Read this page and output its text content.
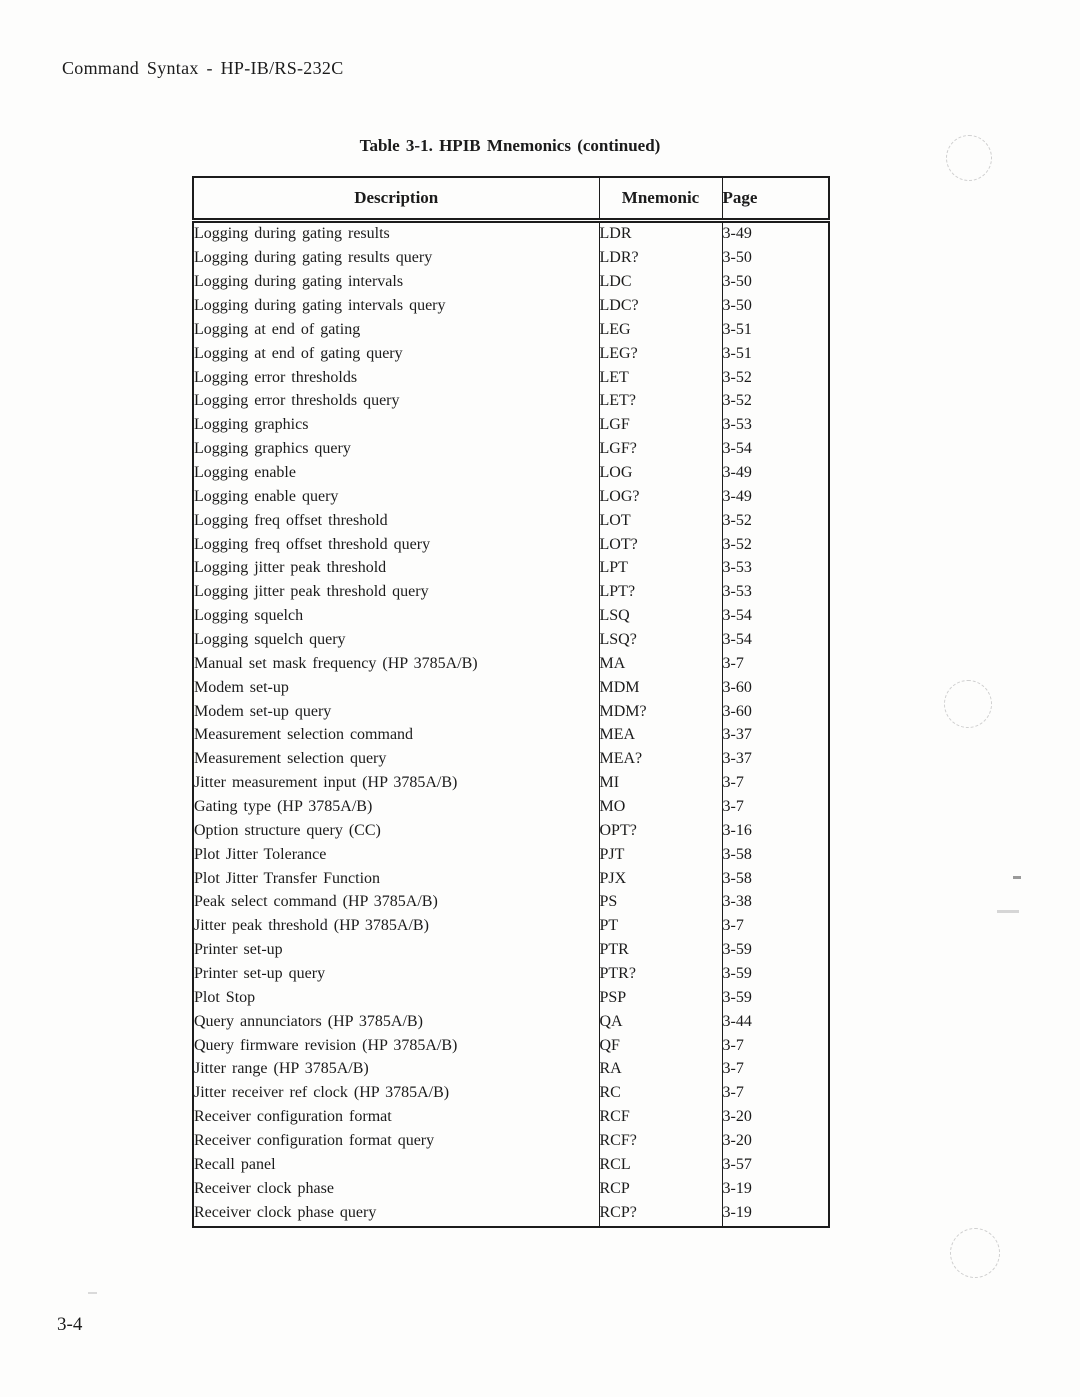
Command Syntax - HP-IB/RS-232C
Table 3-1. HPIB Mnemonics (continued)
Description	Mnemonic	Page
Logging during gating results	LDR	3-49
Logging during gating results query	LDR?	3-50
Logging during gating intervals	LDC	3-50
Logging during gating intervals query	LDC?	3-50
Logging at end of gating	LEG	3-51
Logging at end of gating query	LEG?	3-51
Logging error thresholds	LET	3-52
Logging error thresholds query	LET?	3-52
Logging graphics	LGF	3-53
Logging graphics query	LGF?	3-54
Logging enable	LOG	3-49
Logging enable query	LOG?	3-49
Logging freq offset threshold	LOT	3-52
Logging freq offset threshold query	LOT?	3-52
Logging jitter peak threshold	LPT	3-53
Logging jitter peak threshold query	LPT?	3-53
Logging squelch	LSQ	3-54
Logging squelch query	LSQ?	3-54
Manual set mask frequency (HP 3785A/B)	MA	3-7
Modem set-up	MDM	3-60
Modem set-up query	MDM?	3-60
Measurement selection command	MEA	3-37
Measurement selection query	MEA?	3-37
Jitter measurement input (HP 3785A/B)	MI	3-7
Gating type (HP 3785A/B)	MO	3-7
Option structure query (CC)	OPT?	3-16
Plot Jitter Tolerance	PJT	3-58
Plot Jitter Transfer Function	PJX	3-58
Peak select command (HP 3785A/B)	PS	3-38
Jitter peak threshold (HP 3785A/B)	PT	3-7
Printer set-up	PTR	3-59
Printer set-up query	PTR?	3-59
Plot Stop	PSP	3-59
Query annunciators (HP 3785A/B)	QA	3-44
Query firmware revision (HP 3785A/B)	QF	3-7
Jitter range (HP 3785A/B)	RA	3-7
Jitter receiver ref clock (HP 3785A/B)	RC	3-7
Receiver configuration format	RCF	3-20
Receiver configuration format query	RCF?	3-20
Recall panel	RCL	3-57
Receiver clock phase	RCP	3-19
Receiver clock phase query	RCP?	3-19

3-4
